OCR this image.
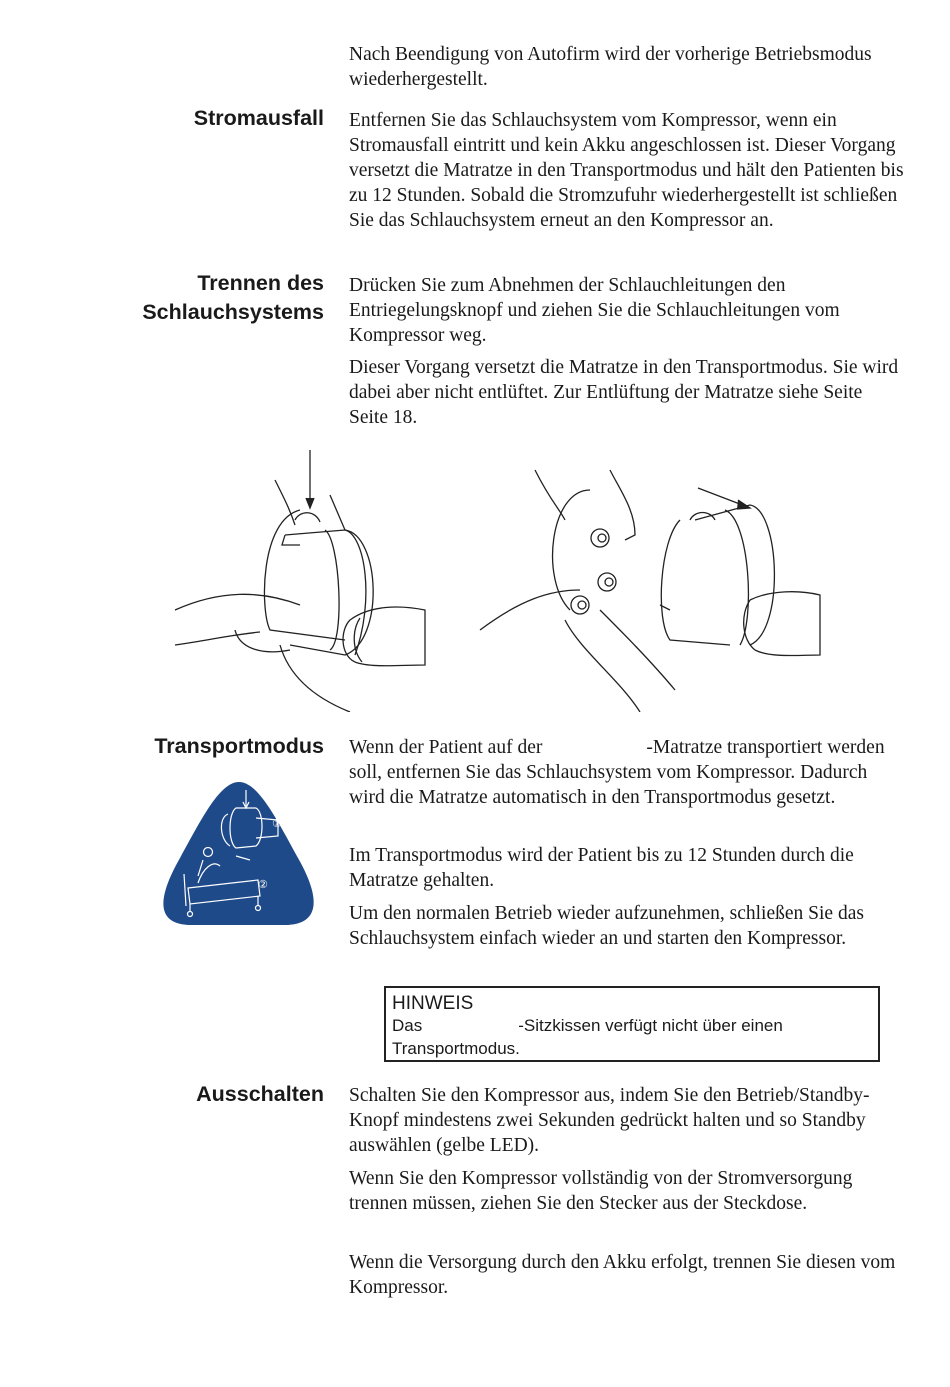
Nach Beendigung von Autofirm wird der vorherige Betriebsmodus wiederhergestellt.

Stromausfall Entfernen Sie das Schlauchsystem vom Kompressor, wenn ein Stromausfall eintritt und kein Akku angeschlossen ist. Dieser Vorgang versetzt die Matratze in den Transportmodus und hält den Patienten bis zu 12 Stunden. Sobald die Stromzufuhr wiederhergestellt ist schließen Sie das Schlauchsystem erneut an den Kompressor an.

Trennen des
Schlauchsystems

Drücken Sie zum Abnehmen der Schlauchleitungen den Entriegelungsknopf und ziehen Sie die Schlauchleitungen vom Kompressor weg.

Dieser Vorgang versetzt die Matratze in den Transportmodus. Sie wird dabei aber nicht entlüftet. Zur Entlüftung der Matratze siehe Seite Seite 18.

Transportmodus
①
②

Wenn der Patient auf der	-Matratze transportiert werden soll, entfernen Sie das Schlauchsystem vom Kompressor. Dadurch wird die Matratze automatisch in den Transportmodus gesetzt.

Im Transportmodus wird der Patient bis zu 12 Stunden durch die Matratze gehalten.

Um den normalen Betrieb wieder aufzunehmen, schließen Sie das Schlauchsystem einfach wieder an und starten den Kompressor.

HINWEIS
Das	-Sitzkissen verfügt nicht über einen Transportmodus.
Ausschalten Schalten Sie den Kompressor aus, indem Sie den Betrieb/Standby-Knopf mindestens zwei Sekunden gedrückt halten und so Standby auswählen (gelbe LED).

Wenn Sie den Kompressor vollständig von der Stromversorgung trennen müssen, ziehen Sie den Stecker aus der Steckdose.

Wenn die Versorgung durch den Akku erfolgt, trennen Sie diesen vom Kompressor.
